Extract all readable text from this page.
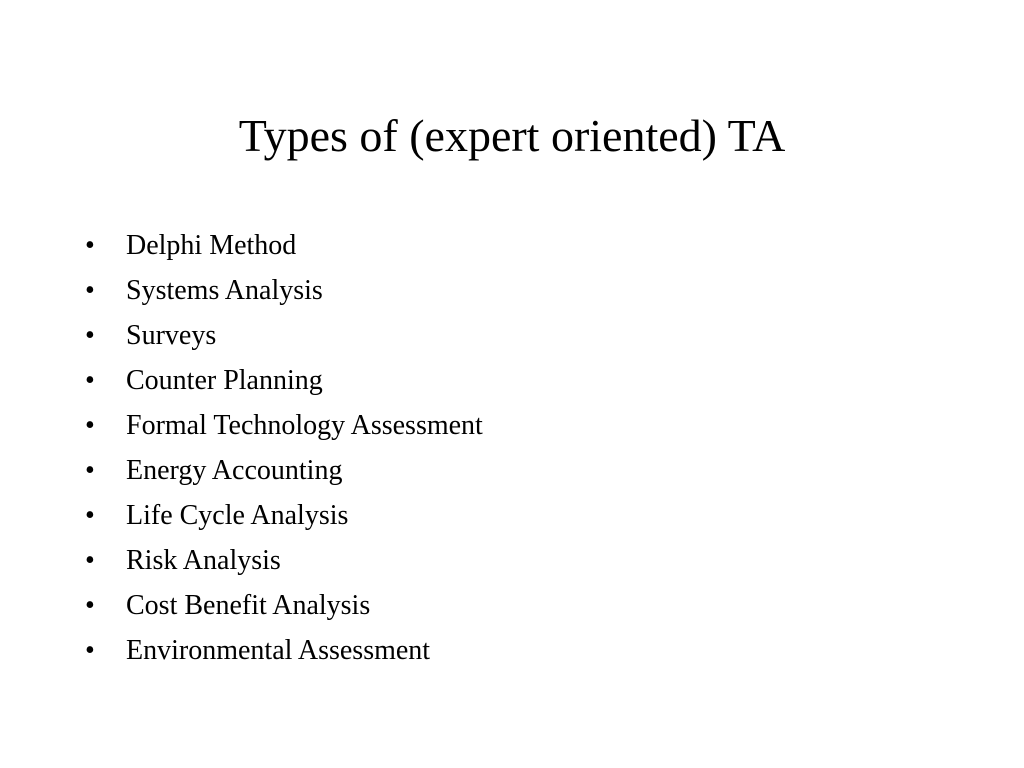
Types of (expert oriented) TA
•	Delphi Method
•	Systems Analysis
•	Surveys
•	Counter Planning
•	Formal Technology Assessment
•	Energy Accounting
•	Life Cycle Analysis
•	Risk Analysis
•	Cost Benefit Analysis
•	Environmental Assessment
